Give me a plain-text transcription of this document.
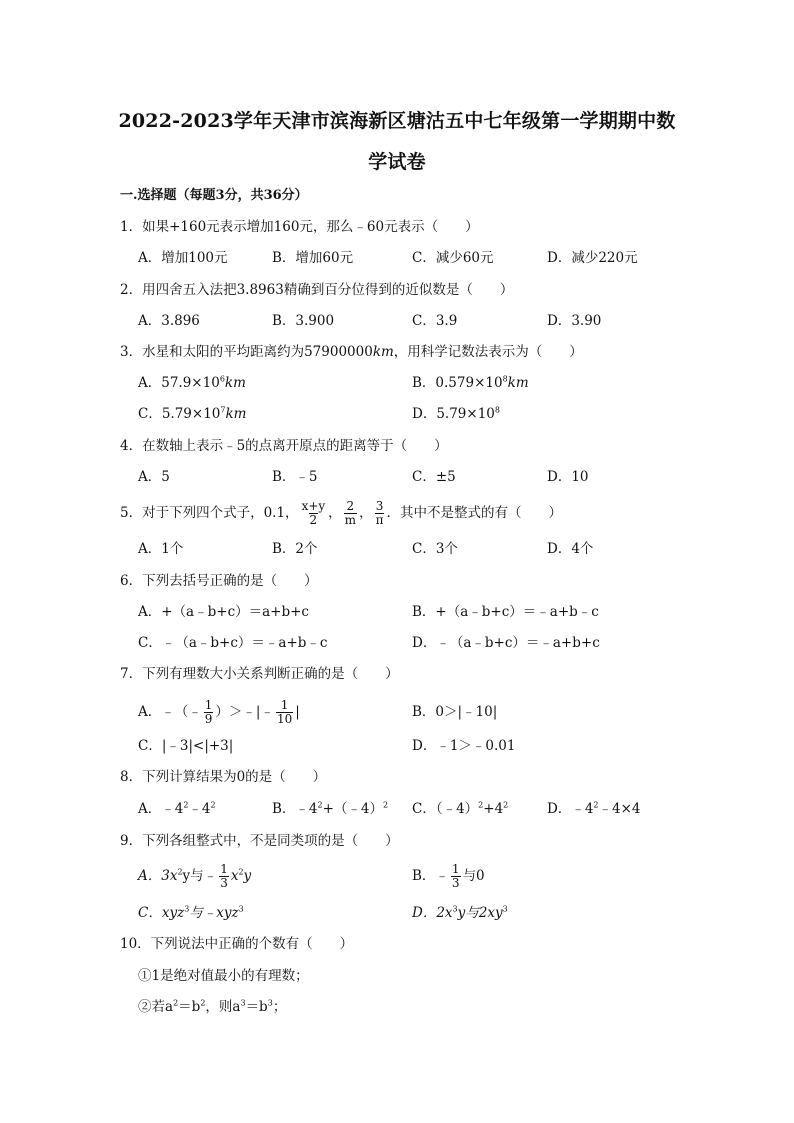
2022-2023学年天津市滨海新区塘沽五中七年级第一学期期中数
学试卷
一.选择题（每题3分，共36分）
1．如果+160元表示增加160元，那么﹣60元表示（　　）
A．增加100元	B．增加60元	C．减少60元	D．减少220元
2．用四舍五入法把3.8963精确到百分位得到的近似数是（　　）
A．3.896	B．3.900	C．3.9	D．3.90
3．水星和太阳的平均距离约为57900000km，用科学记数法表示为（　　）
A．$57.9\times 10^6km$	B．$0.579\times 10^8km$
C．$5.79\times 10^7km$	D．$5.79\times 10^8$
4．在数轴上表示﹣5的点离开原点的距离等于（　　）
A．5	B．﹣5	C．±5	D．10
5．对于下列四个式子，0.1， $\frac{x+y}{2}$ ， $\frac{2}{m}$ ， $\frac{3}{\pi}$ ．其中不是整式的有（　　）
A．1个	B．2个	C．3个	D．4个
6．下列去括号正确的是（　　）
A．+（a﹣b+c）＝a+b+c	B．+（a﹣b+c）＝﹣a+b﹣c
C．﹣（a﹣b+c）＝﹣a+b﹣c	D．﹣（a﹣b+c）＝﹣a+b+c
7．下列有理数大小关系判断正确的是（　　）
A．﹣（﹣ $\frac{1}{9}$ ）＞﹣|﹣ $\frac{1}{10}$ |	B．0＞|﹣10|
C．|﹣3|<|+3|	D．﹣1＞﹣0.01
8．下列计算结果为0的是（　　）
A．$﹣4^2﹣4^2$	B．$﹣4^2+(﹣4)^2$ C．$(﹣4)^2+4^2$	D．$﹣4^2﹣4\times 4$
9．下列各组整式中，不是同类项的是（　　）
A．$3x^2y$与﹣ $\frac{1}{3} x^2y$	B．﹣ $\frac{1}{3}$ 与0
C．xyz$^3$与﹣xyz$^3$	D．$2x^3y$与$2xy^3$
10．下列说法中正确的个数有（　　）
①1是绝对值最小的有理数；
②若$a^2=b^2$，则$a^3=b^3$；
